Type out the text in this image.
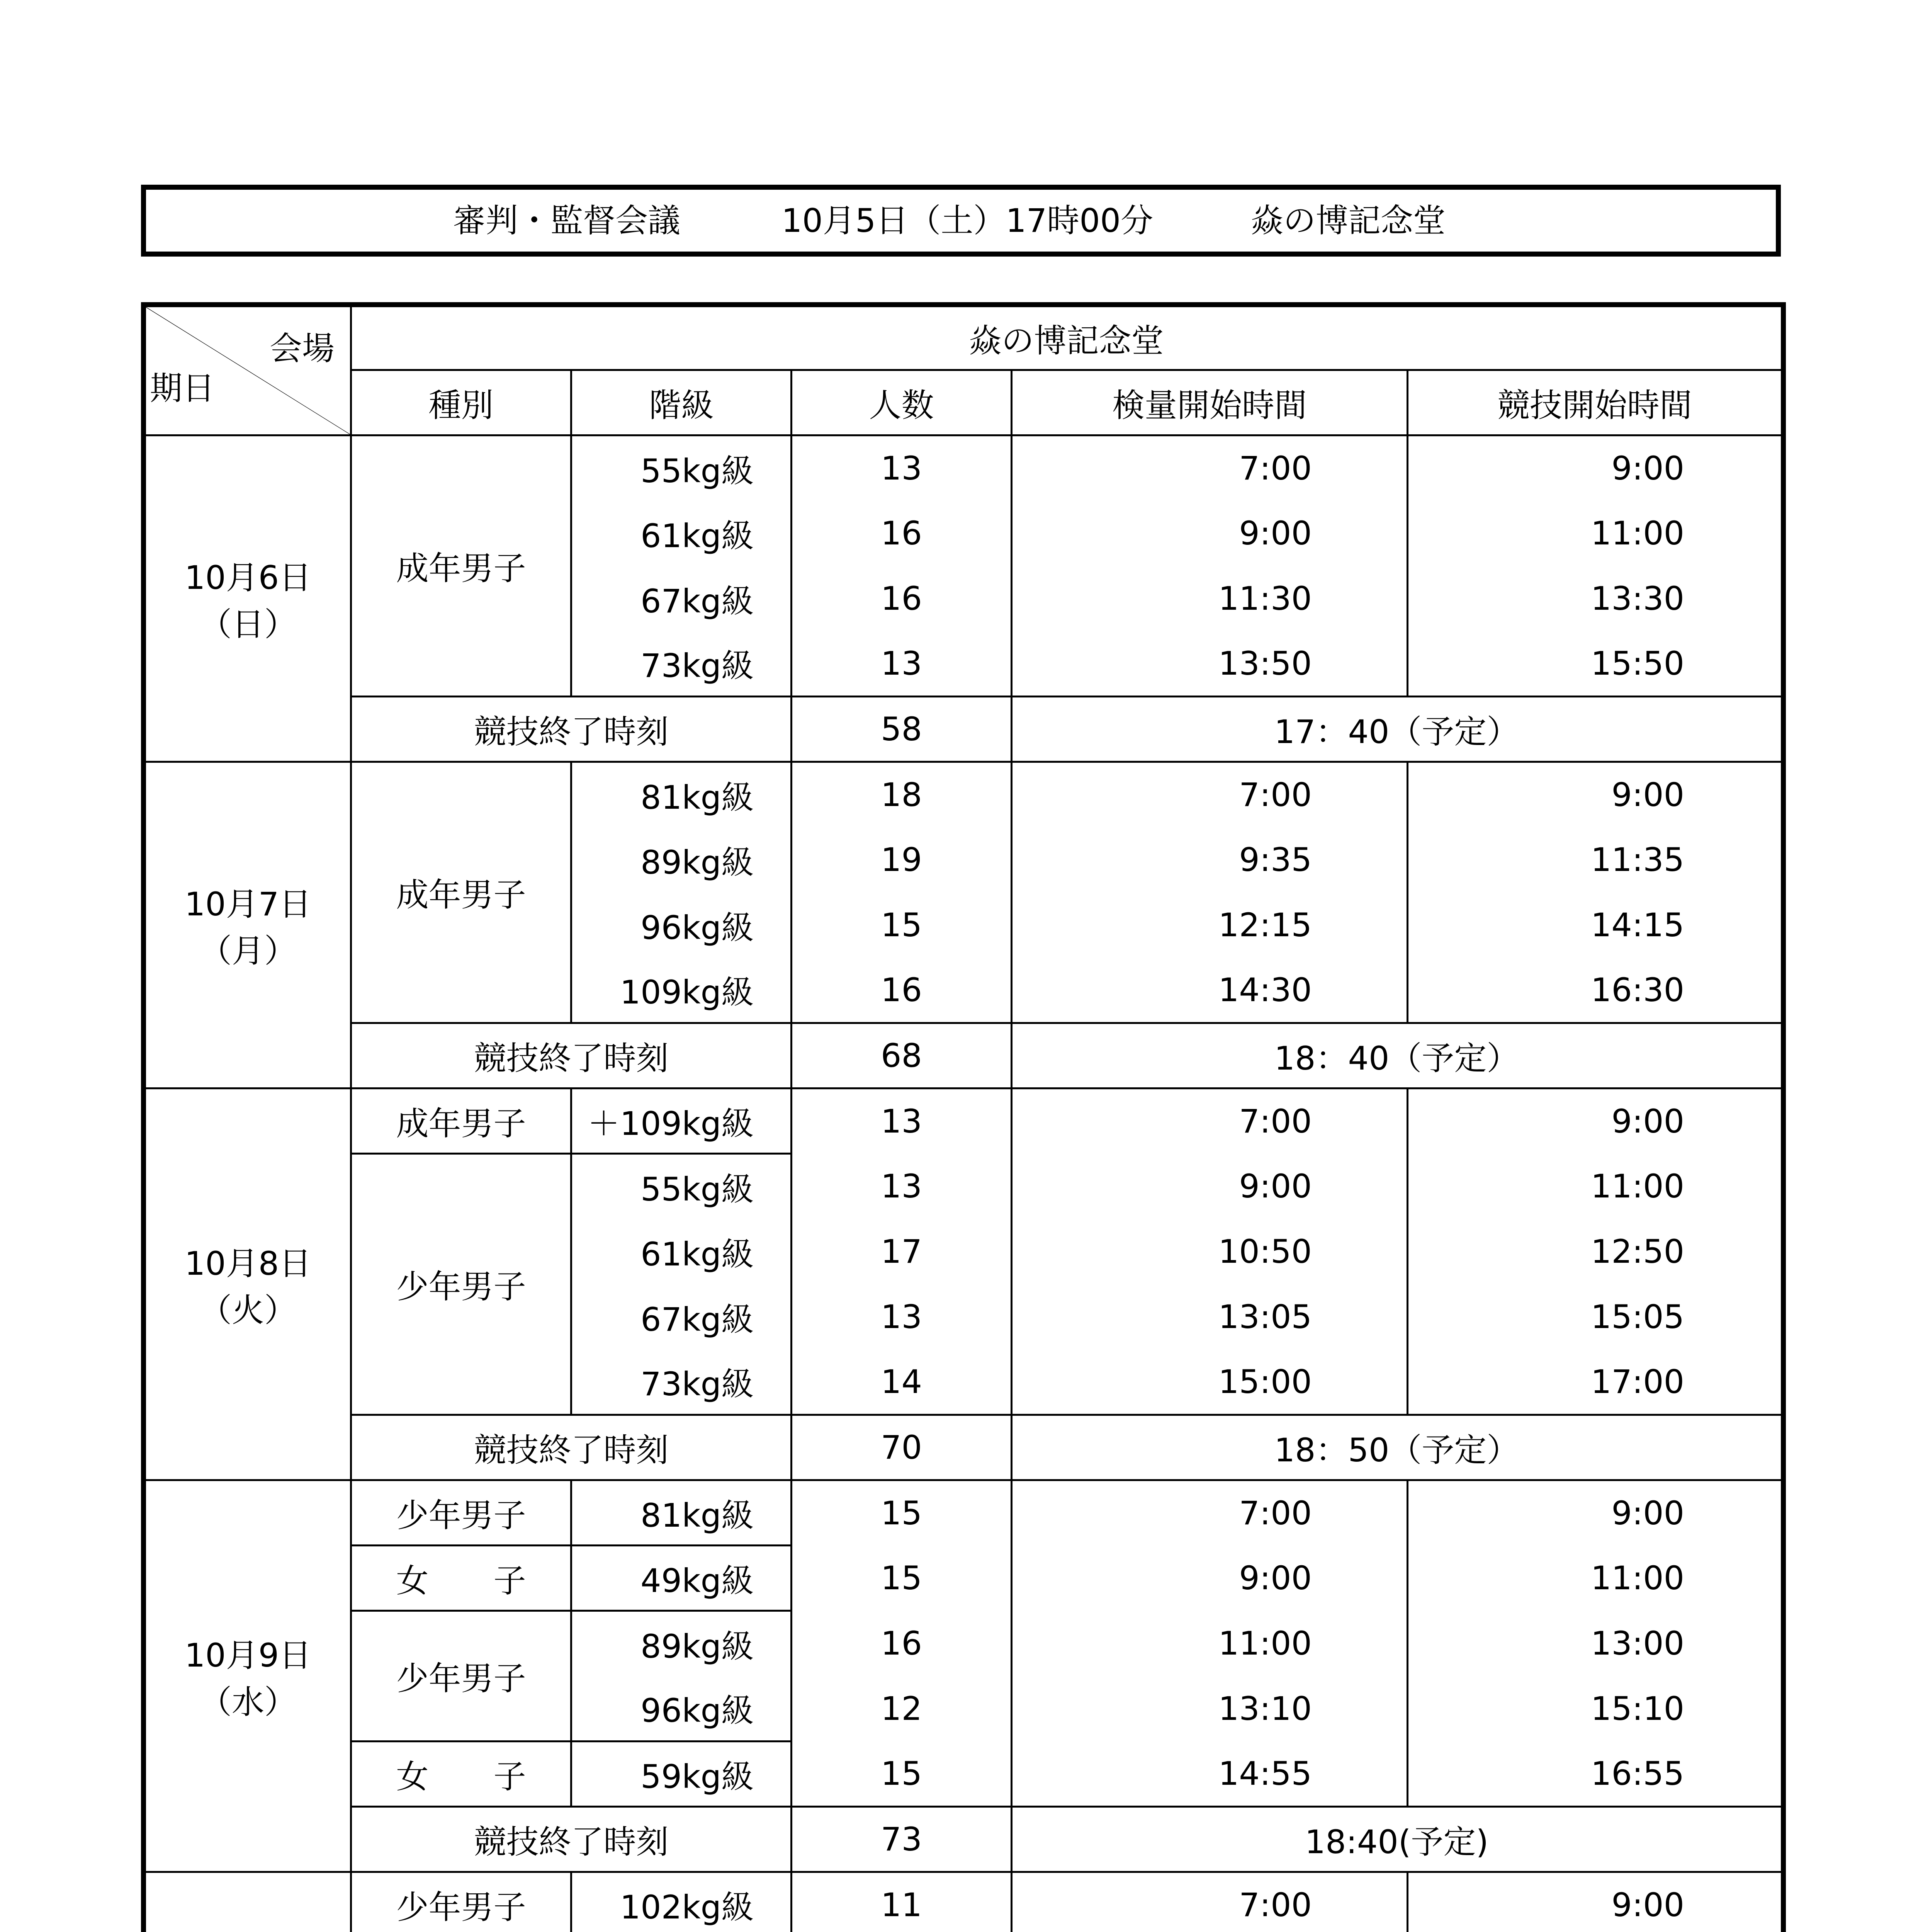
審判・監督会議	10月5日（土）17時00分	焱の博記念堂
会場
期日	焱の博記念堂				
	種別	階級	人数	検量開始時間	競技開始時間

10月6日
（日）	成年男子	55kg級	13	7:00	9:00
		61kg級	16	9:00	11:00
		67kg級	16	11:30	13:30
		73kg級	13	13:50	15:50
	競技終了時刻		58	17：40（予定）	

10月7日
（月）	成年男子	81kg級	18	7:00	9:00
		89kg級	19	9:35	11:35
		96kg級	15	12:15	14:15
		109kg級	16	14:30	16:30
	競技終了時刻		68	18：40（予定）	

10月8日
（火）	成年男子	＋109kg級	13	7:00	9:00
	少年男子	55kg級	13	9:00	11:00
		61kg級	17	10:50	12:50
		67kg級	13	13:05	15:05
		73kg級	14	15:00	17:00
	競技終了時刻		70	18：50（予定）	

10月9日
（水）	少年男子	81kg級	15	7:00	9:00
	女　　子	49kg級	15	9:00	11:00
	少年男子	89kg級	16	11:00	13:00
		96kg級	12	13:10	15:10
	女　　子	59kg級	15	14:55	16:55
	競技終了時刻		73	18:40(予定)	

	少年男子	102kg級	11	7:00	9:00
